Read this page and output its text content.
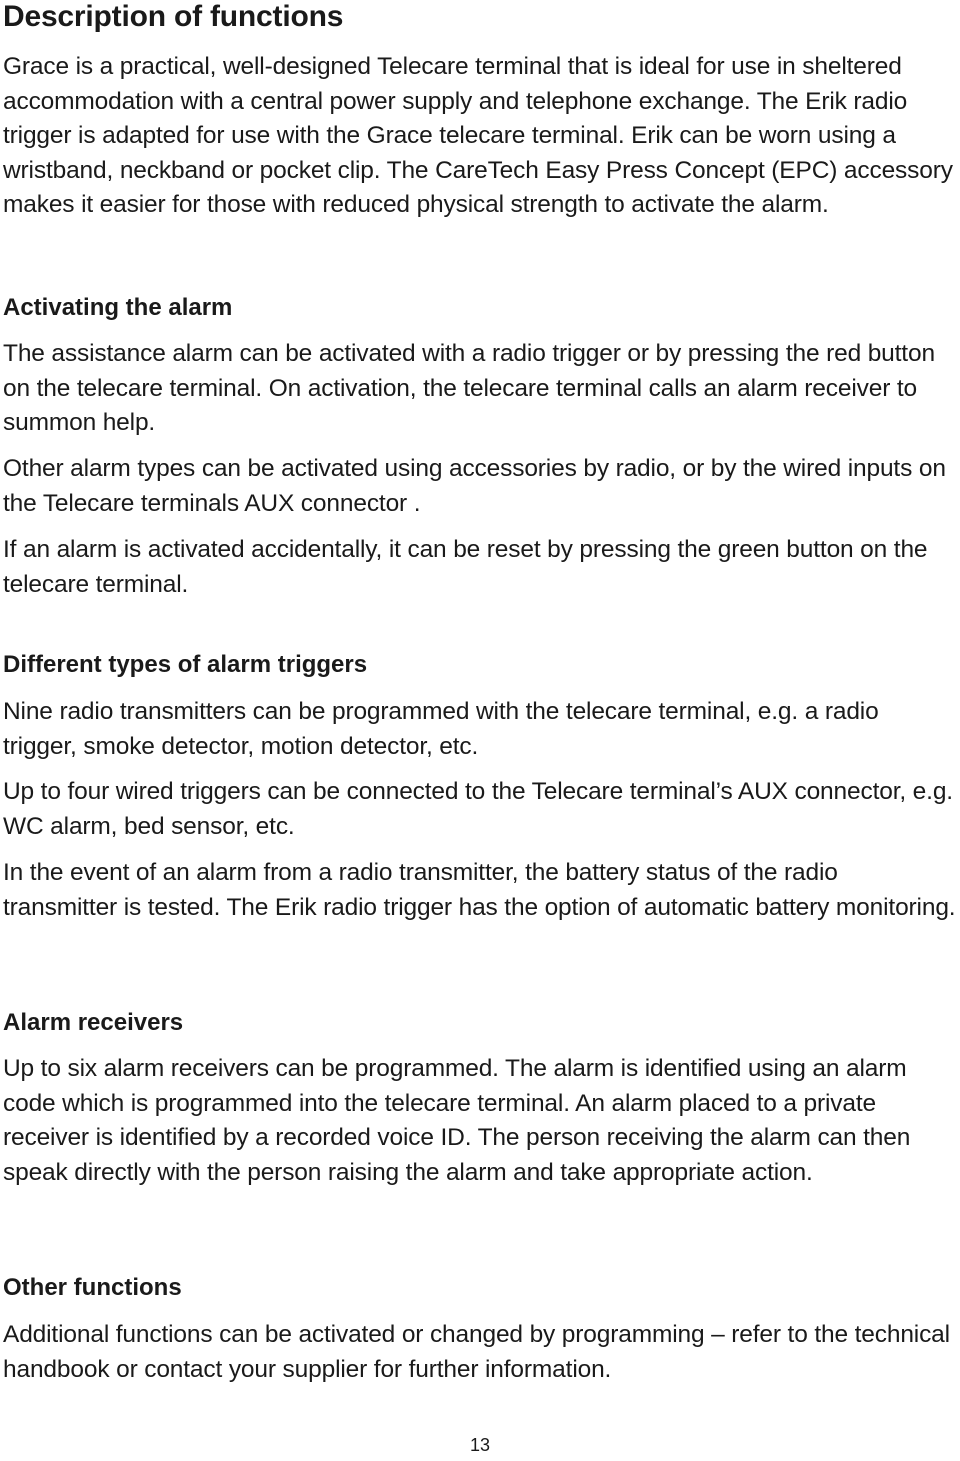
Description of functions

Grace is a practical, well-designed Telecare terminal that is ideal for use in sheltered accommodation with a central power supply and telephone exchange. The Erik radio trigger is adapted for use with the Grace telecare terminal. Erik can be worn using a wristband, neckband or pocket clip. The CareTech Easy Press Concept (EPC) accessory makes it easier for those with reduced physical strength to activate the alarm.

Activating the alarm

The assistance alarm can be activated with a radio trigger or by pressing the red button on the telecare terminal. On activation, the telecare terminal calls an alarm receiver to summon help.

Other alarm types can be activated using accessories by radio, or by the wired inputs on the Telecare terminals AUX connector .

If an alarm is activated accidentally, it can be reset by pressing the green button on the telecare terminal.

Different types of alarm triggers

Nine radio transmitters can be programmed with the telecare terminal, e.g. a radio trigger, smoke detector, motion detector, etc.

Up to four wired triggers can be connected to the Telecare terminal’s AUX connector, e.g. WC alarm, bed sensor, etc.

In the event of an alarm from a radio transmitter, the battery status of the radio transmitter is tested. The Erik radio trigger has the option of automatic battery monitoring.

Alarm receivers

Up to six alarm receivers can be programmed. The alarm is identified using an alarm code which is programmed into the telecare terminal. An alarm placed to a private receiver is identified by a recorded voice ID. The person receiving the alarm can then speak directly with the person raising the alarm and take appropriate action.

Other functions

Additional functions can be activated or changed by programming – refer to the technical handbook or contact your supplier for further information.

13
